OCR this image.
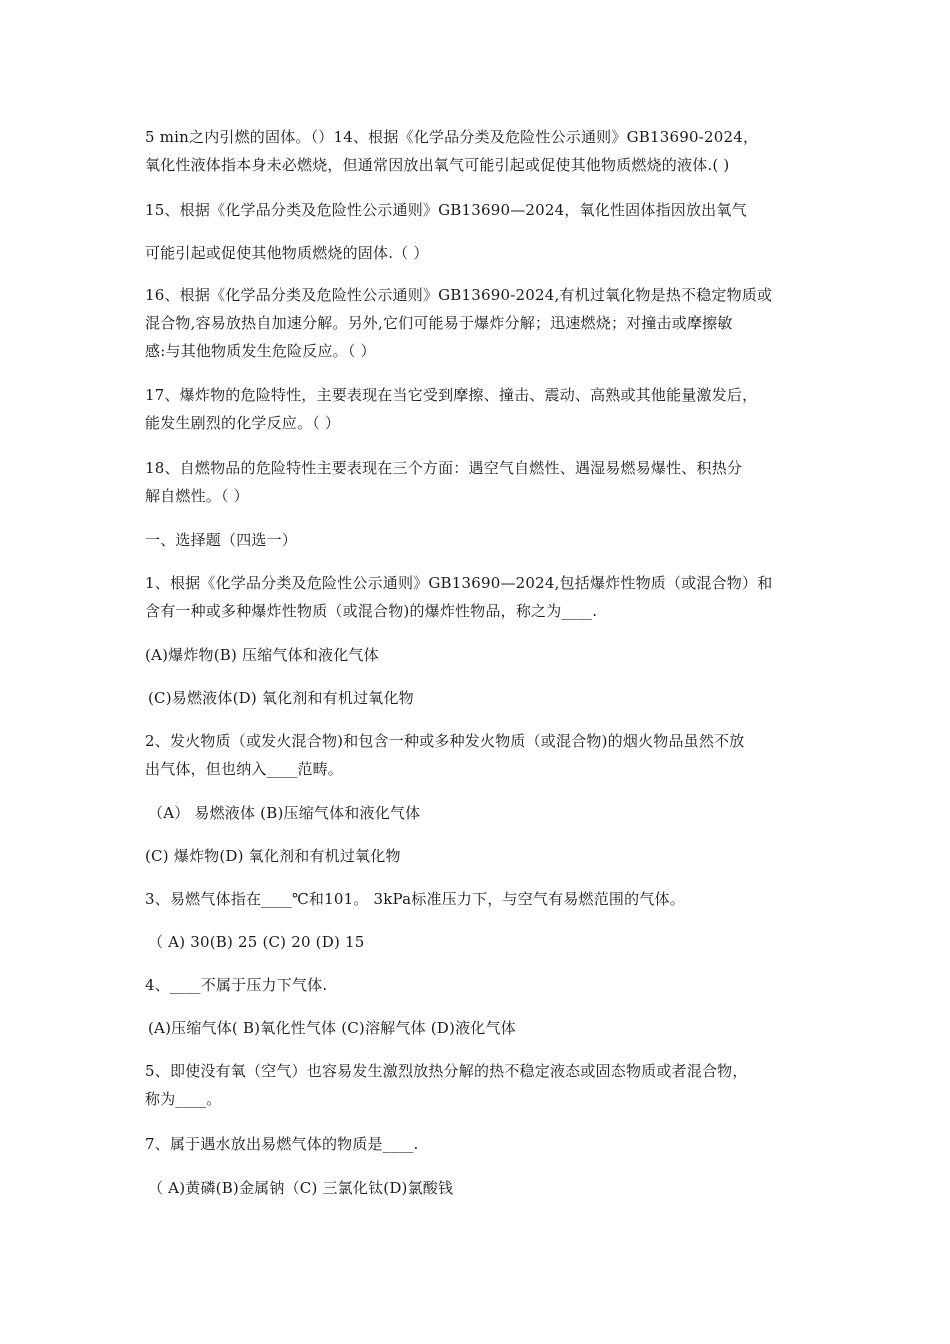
5 min之内引燃的固体。（）14、根据《化学品分类及危险性公示通则》GB13690-2024，
氧化性液体指本身未必燃烧，但通常因放出氧气可能引起或促使其他物质燃烧的液体.( )
15、根据《化学品分类及危险性公示通则》GB13690—2024，氧化性固体指因放出氧气
可能引起或促使其他物质燃烧的固体.（ ）
16、根据《化学品分类及危险性公示通则》GB13690-2024,有机过氧化物是热不稳定物质或
混合物,容易放热自加速分解。另外,它们可能易于爆炸分解；迅速燃烧；对撞击或摩擦敏
感:与其他物质发生危险反应。（ ）
17、爆炸物的危险特性，主要表现在当它受到摩擦、撞击、震动、高熟或其他能量激发后，
能发生剧烈的化学反应。（ ）
18、自燃物品的危险特性主要表现在三个方面：遇空气自燃性、遇湿易燃易爆性、积热分
解自燃性。（ ）
一、选择题（四选一）
1、根据《化学品分类及危险性公示通则》GB13690—2024,包括爆炸性物质（或混合物）和
含有一种或多种爆炸性物质（或混合物)的爆炸性物品，称之为____.
(A)爆炸物(B) 压缩气体和液化气体
(C)易燃液体(D) 氧化剂和有机过氧化物
2、发火物质（或发火混合物)和包含一种或多种发火物质（或混合物)的烟火物品虽然不放
出气体，但也纳入____范畴。
（A） 易燃液体 (B)压缩气体和液化气体
(C) 爆炸物(D) 氧化剂和有机过氧化物
3、易燃气体指在____℃和101。 3kPa标准压力下，与空气有易燃范围的气体。
（ A) 30(B) 25 (C) 20 (D) 15
4、____不属于压力下气体.
(A)压缩气体( B)氧化性气体 (C)溶解气体 (D)液化气体
5、即使没有氧（空气）也容易发生激烈放热分解的热不稳定液态或固态物质或者混合物，
称为____。
7、属于遇水放出易燃气体的物质是____.
（ A)黄磷(B)金属钠（C) 三氯化钛(D)氯酸钱
